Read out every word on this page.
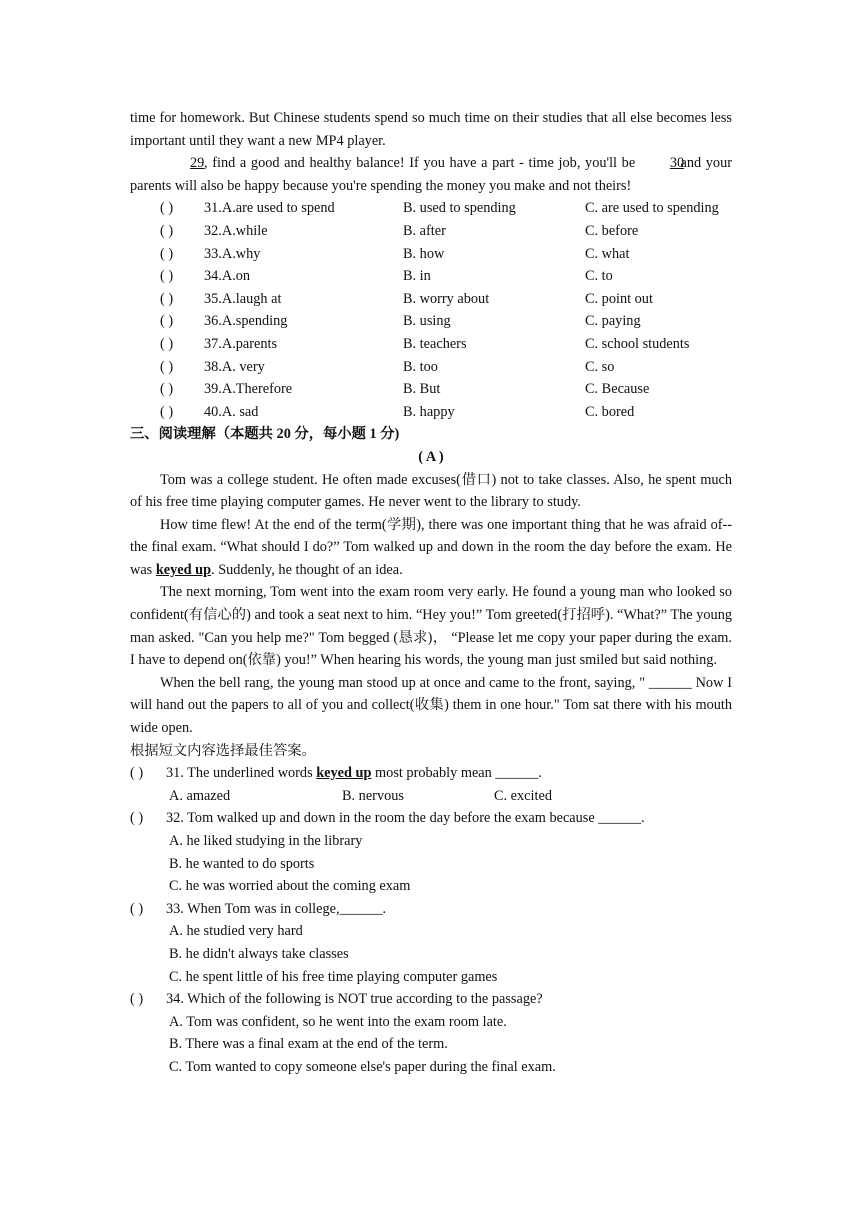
time for homework. But Chinese students spend so much time on their studies that all else becomes less important until they want a new MP4 player.

29, find a good and healthy balance! If you have a part - time job, you'll be 30 and your parents will also be happy because you're spending the money you make and not theirs!

( ) 31.A.are used to spend	B. used to spending	C. are used to spending
( ) 32.A.while	B. after	C. before
( ) 33.A.why	B. how	C. what
( ) 34.A.on	B. in	C. to
( ) 35.A.laugh at	B. worry about	C. point out
( ) 36.A.spending	B. using	C. paying
( ) 37.A.parents	B. teachers	C. school students
( ) 38.A. very	B. too	C. so
( ) 39.A.Therefore	B. But	C. Because
( ) 40.A. sad	B. happy	C. bored
三、阅读理解（本题共 20 分，每小题 1 分)
( A )

Tom was a college student. He often made excuses(借口) not to take classes. Also, he spent much of his free time playing computer games. He never went to the library to study.

How time flew! At the end of the term(学期), there was one important thing that he was afraid of--the final exam. “What should I do?” Tom walked up and down in the room the day before the exam. He was keyed up. Suddenly, he thought of an idea.

The next morning, Tom went into the exam room very early. He found a young man who looked so confident(有信心的) and took a seat next to him. “Hey you!” Tom greeted(打招呼). “What?” The young man asked. "Can you help me?" Tom begged (恳求)， “Please let me copy your paper during the exam. I have to depend on(依靠) you!” When hearing his words, the young man just smiled but said nothing.

When the bell rang, the young man stood up at once and came to the front, saying, " ______ Now I will hand out the papers to all of you and collect(收集) them in one hour." Tom sat there with his mouth wide open.

根据短文内容选择最佳答案。
( ) 31. The underlined words keyed up most probably mean ______.
A. amazed	B. nervous	C. excited
( ) 32. Tom walked up and down in the room the day before the exam because ______.
A. he liked studying in the library
B. he wanted to do sports
C. he was worried about the coming exam
( ) 33. When Tom was in college,______.
A. he studied very hard
B. he didn't always take classes
C. he spent little of his free time playing computer games
( ) 34. Which of the following is NOT true according to the passage?
A. Tom was confident, so he went into the exam room late.
B. There was a final exam at the end of the term.
C. Tom wanted to copy someone else's paper during the final exam.
